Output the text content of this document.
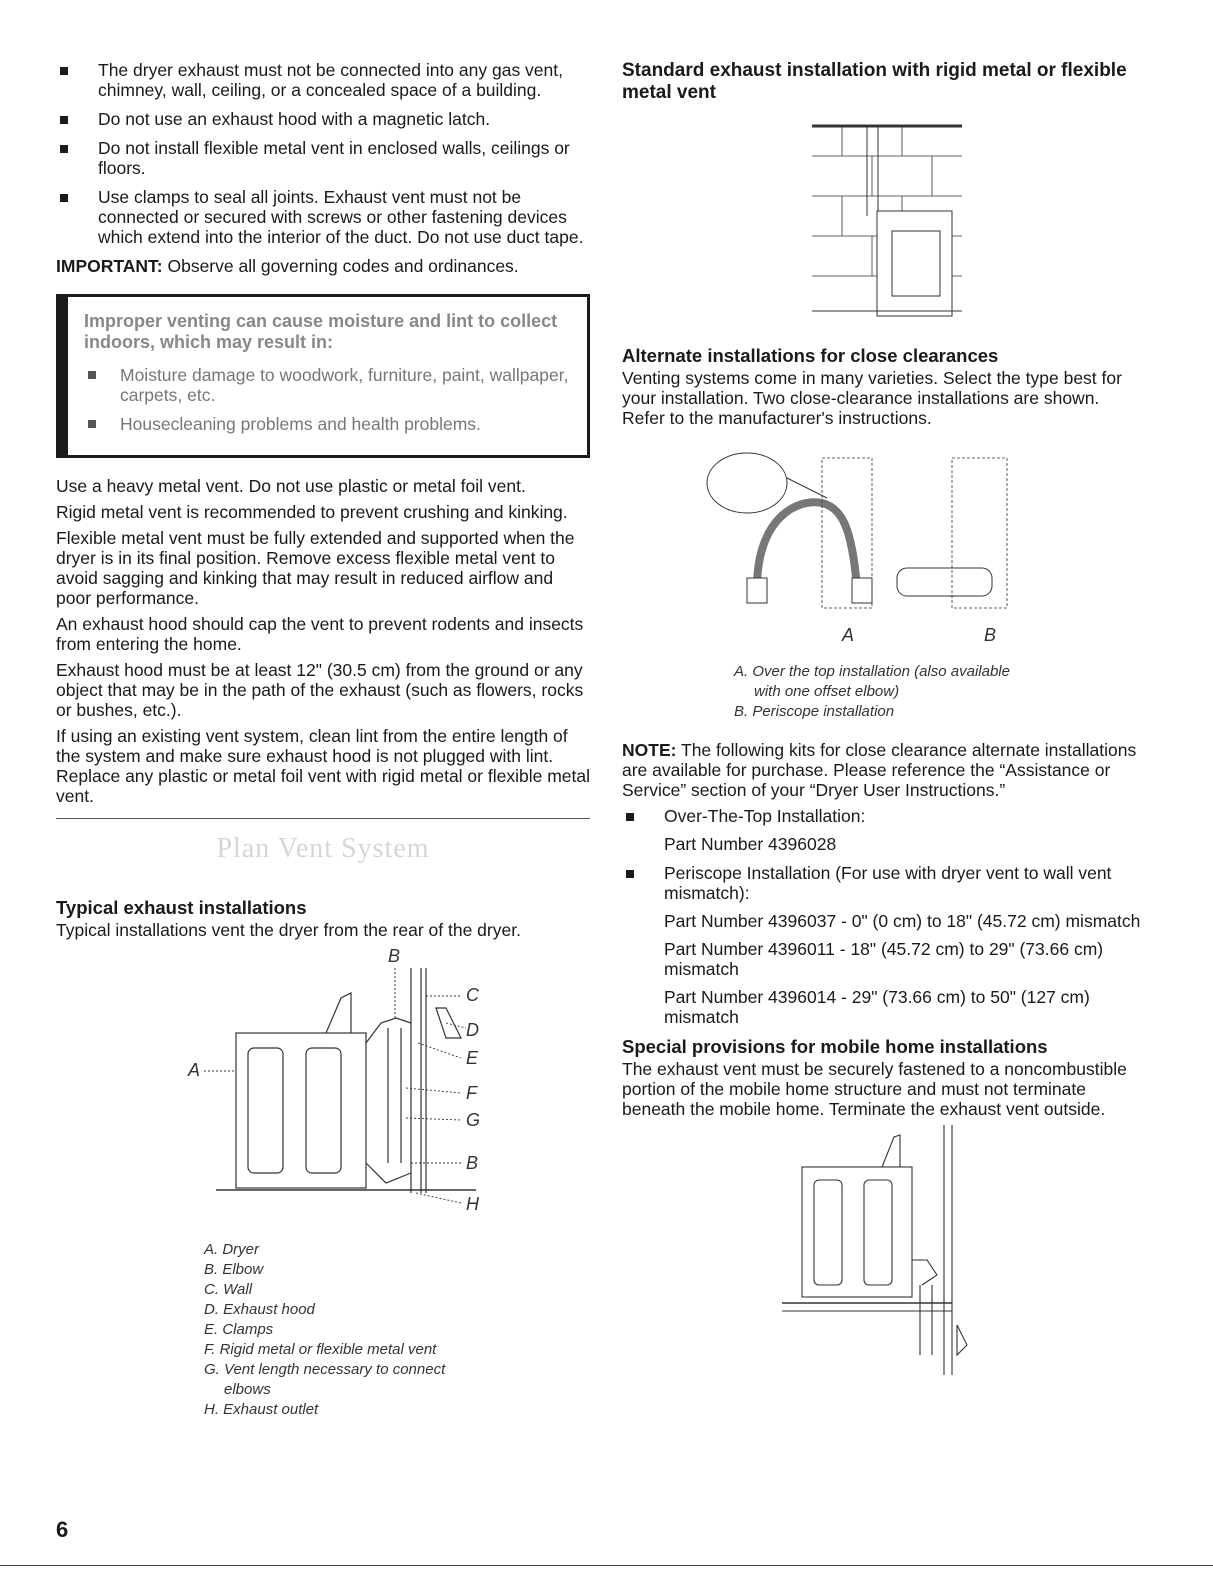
The dryer exhaust must not be connected into any gas vent, chimney, wall, ceiling, or a concealed space of a building.
Do not use an exhaust hood with a magnetic latch.
Do not install flexible metal vent in enclosed walls, ceilings or floors.
Use clamps to seal all joints. Exhaust vent must not be connected or secured with screws or other fastening devices which extend into the interior of the duct. Do not use duct tape.

IMPORTANT: Observe all governing codes and ordinances.

Improper venting can cause moisture and lint to collect indoors, which may result in:
Moisture damage to woodwork, furniture, paint, wallpaper, carpets, etc.
Housecleaning problems and health problems.

Use a heavy metal vent. Do not use plastic or metal foil vent.

Rigid metal vent is recommended to prevent crushing and kinking.

Flexible metal vent must be fully extended and supported when the dryer is in its final position. Remove excess flexible metal vent to avoid sagging and kinking that may result in reduced airflow and poor performance.

An exhaust hood should cap the vent to prevent rodents and insects from entering the home.

Exhaust hood must be at least 12" (30.5 cm) from the ground or any object that may be in the path of the exhaust (such as flowers, rocks or bushes, etc.).

If using an existing vent system, clean lint from the entire length of the system and make sure exhaust hood is not plugged with lint. Replace any plastic or metal foil vent with rigid metal or flexible metal vent.

Plan Vent System
Typical exhaust installations

Typical installations vent the dryer from the rear of the dryer.

A
B
C
D
E
F
G
B
H
A. Dryer
B. Elbow
C. Wall
D. Exhaust hood
E. Clamps
F. Rigid metal or flexible metal vent
G. Vent length necessary to connect
elbows
H. Exhaust outlet
Standard exhaust installation with rigid metal or flexible metal vent
Alternate installations for close clearances

Venting systems come in many varieties. Select the type best for your installation. Two close-clearance installations are shown. Refer to the manufacturer's instructions.

A	B
A. Over the top installation (also available
with one offset elbow)
B. Periscope installation

NOTE: The following kits for close clearance alternate installations are available for purchase. Please reference the “Assistance or Service” section of your “Dryer User Instructions.”

Over-The-Top Installation:
Part Number 4396028
Periscope Installation (For use with dryer vent to wall vent mismatch):
Part Number 4396037 - 0" (0 cm) to 18" (45.72 cm) mismatch
Part Number 4396011 - 18" (45.72 cm) to 29" (73.66 cm) mismatch
Part Number 4396014 - 29" (73.66 cm) to 50" (127 cm) mismatch
Special provisions for mobile home installations

The exhaust vent must be securely fastened to a noncombustible portion of the mobile home structure and must not terminate beneath the mobile home. Terminate the exhaust vent outside.

6
